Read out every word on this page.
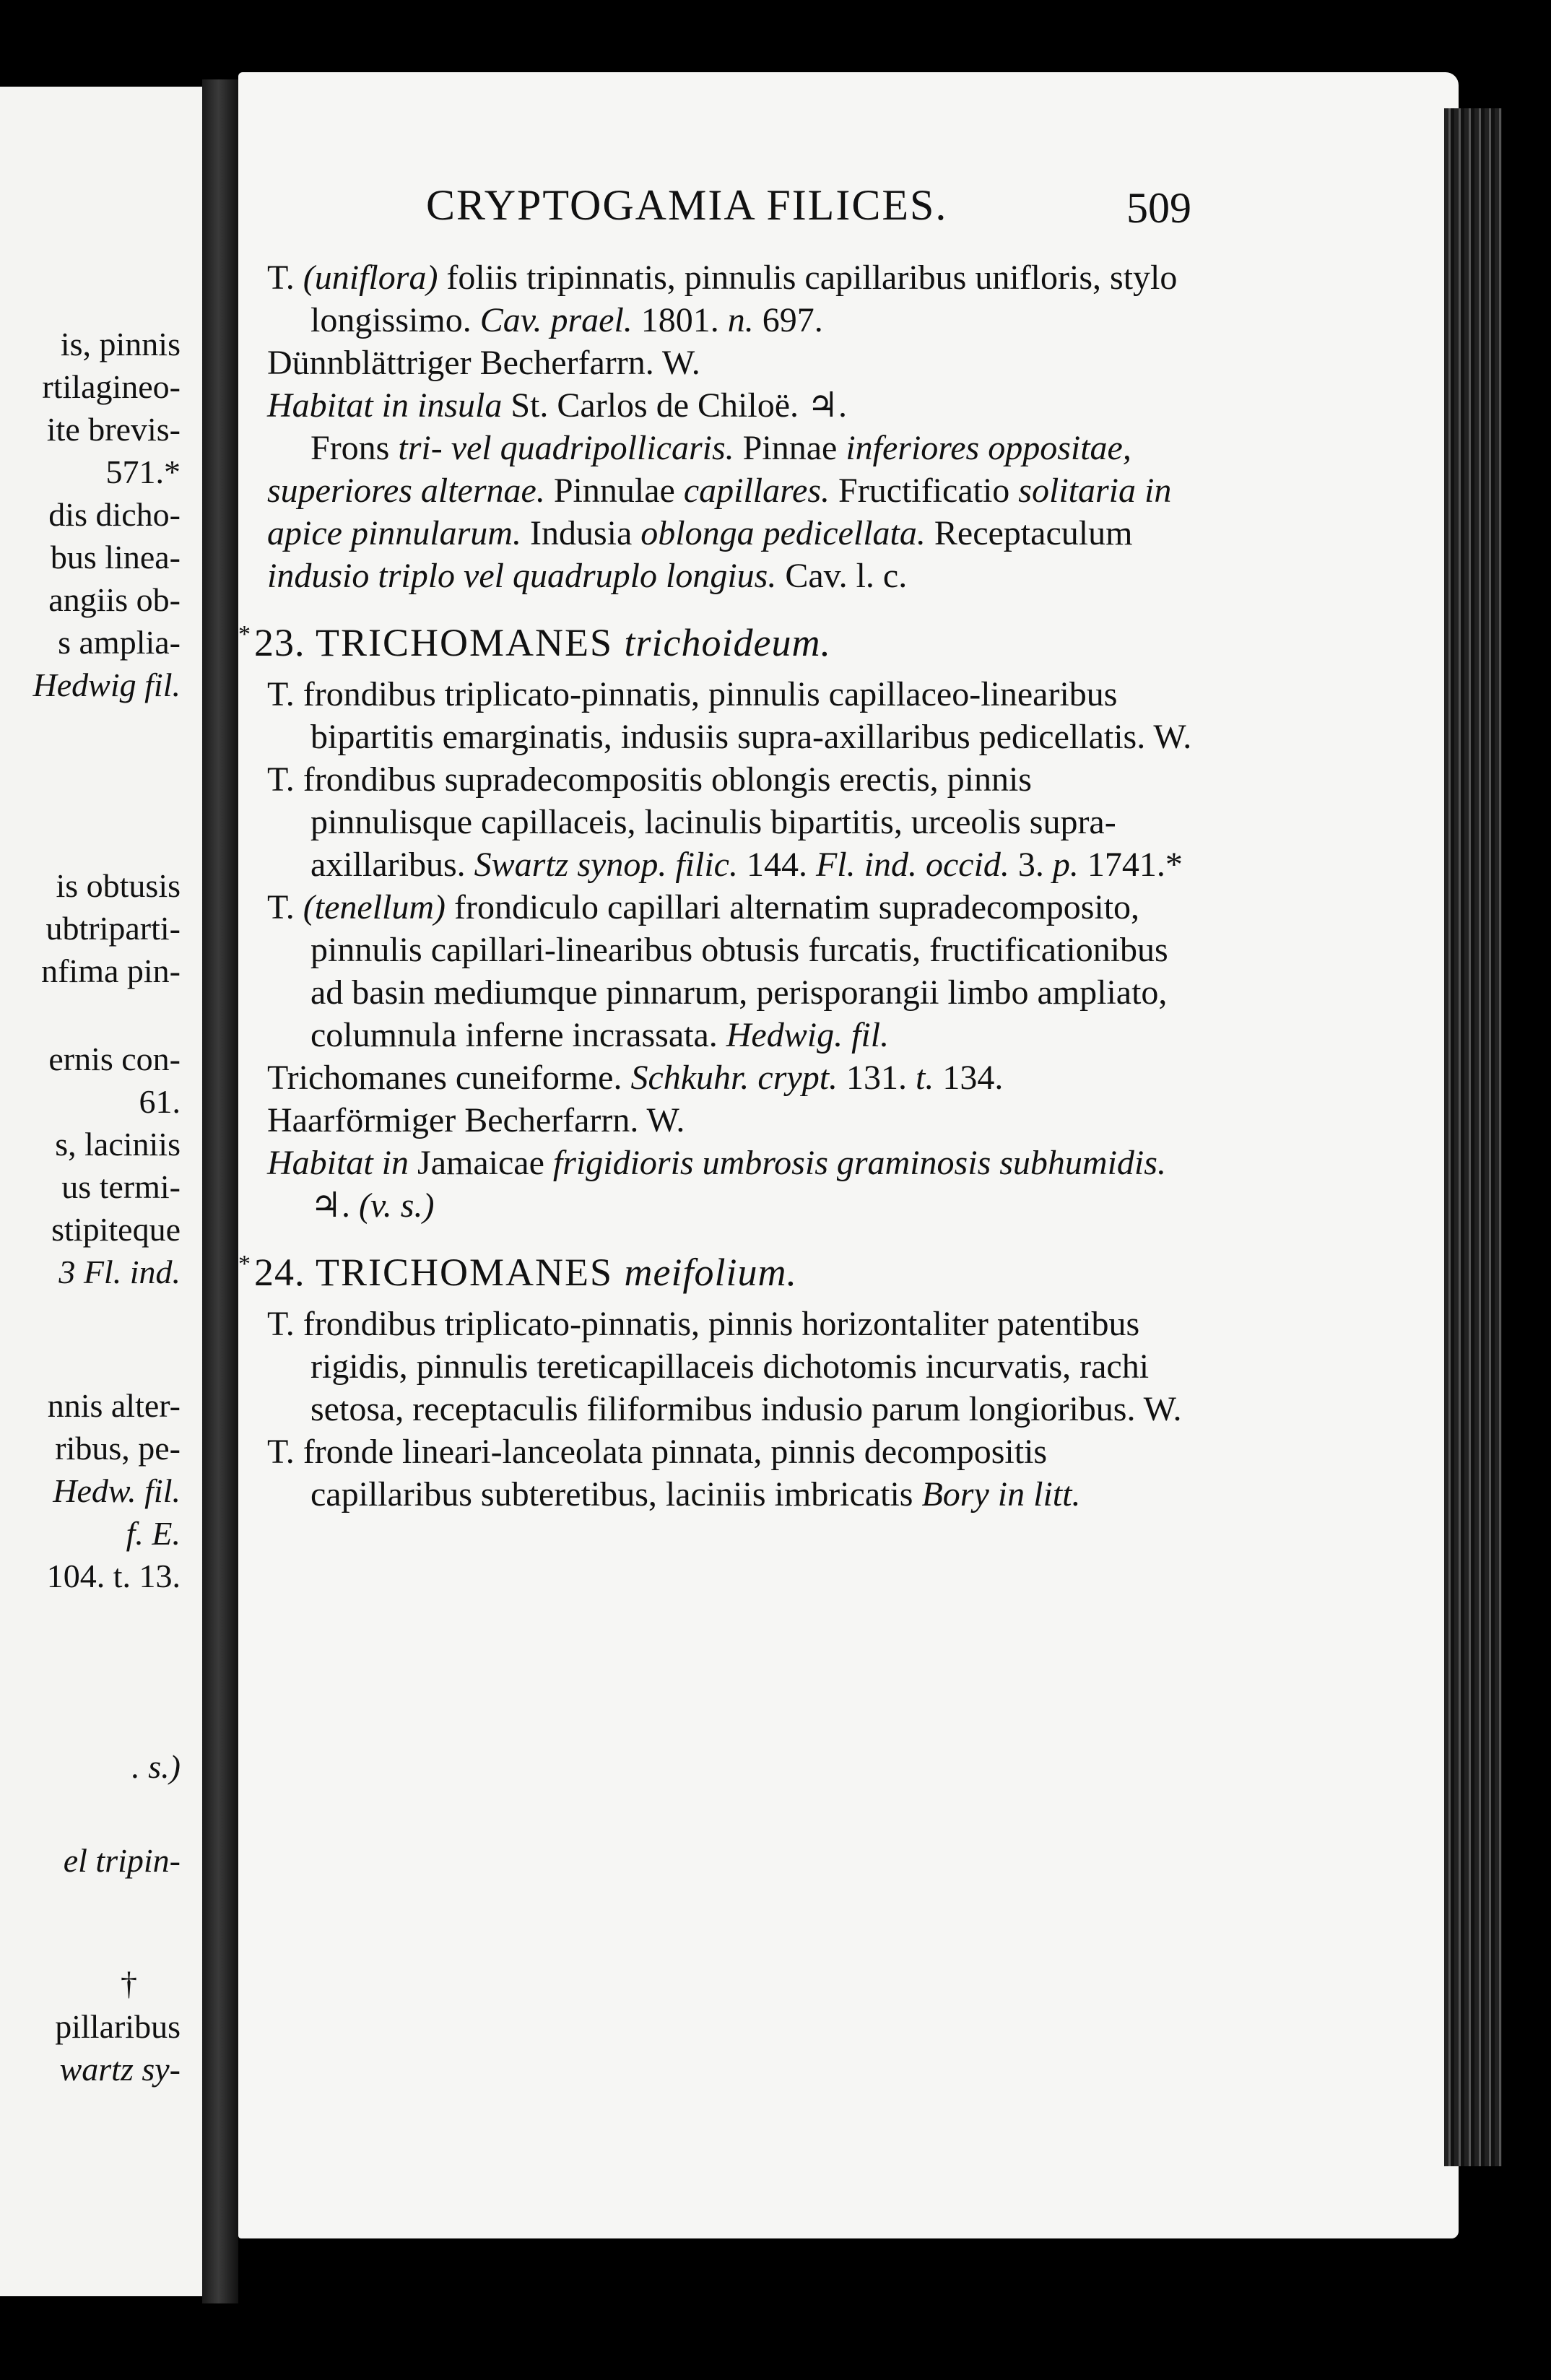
is, pinnis
rtilagineo-
ite brevis-
571.*
dis dicho-
bus linea-
angiis ob-
s amplia-
Hedwig fil.
is obtusis
ubtriparti-
nfima pin-
ernis con-
61.
s, laciniis
us termi-
stipiteque
3 Fl. ind.
nnis alter-
ribus, pe-
Hedw. fil.
f. E.
104. t. 13.
. s.)
el tripin-
†
pillaribus
wartz sy-
CRYPTOGAMIA FILICES.	509

T. (uniflora) foliis tripinnatis, pinnulis capillaribus unifloris, stylo longissimo. Cav. prael. 1801. n. 697.

Dünnblättriger Becherfarrn. W.

Habitat in insula St. Carlos de Chiloë. ♃.

Frons tri- vel quadripollicaris. Pinnae inferiores oppositae, superiores alternae. Pinnulae capillares. Fructificatio solitaria in apice pinnularum. Indusia oblonga pedicellata. Receptaculum indusio triplo vel quadruplo longius. Cav. l. c.

*23. TRICHOMANES trichoideum.

T. frondibus triplicato-pinnatis, pinnulis capillaceo-linearibus bipartitis emarginatis, indusiis supra-axillaribus pedicellatis. W.

T. frondibus supradecompositis oblongis erectis, pinnis pinnulisque capillaceis, lacinulis bipartitis, urceolis supra-axillaribus. Swartz synop. filic. 144. Fl. ind. occid. 3. p. 1741.*

T. (tenellum) frondiculo capillari alternatim supradecomposito, pinnulis capillari-linearibus obtusis furcatis, fructificationibus ad basin mediumque pinnarum, perisporangii limbo ampliato, columnula inferne incrassata. Hedwig. fil.

Trichomanes cuneiforme. Schkuhr. crypt. 131. t. 134.

Haarförmiger Becherfarrn. W.

Habitat in Jamaicae frigidioris umbrosis graminosis subhumidis. ♃. (v. s.)

*24. TRICHOMANES meifolium.

T. frondibus triplicato-pinnatis, pinnis horizontaliter patentibus rigidis, pinnulis tereticapillaceis dichotomis incurvatis, rachi setosa, receptaculis filiformibus indusio parum longioribus. W.

T. fronde lineari-lanceolata pinnata, pinnis decompositis capillaribus subteretibus, laciniis imbricatis Bory in litt.
